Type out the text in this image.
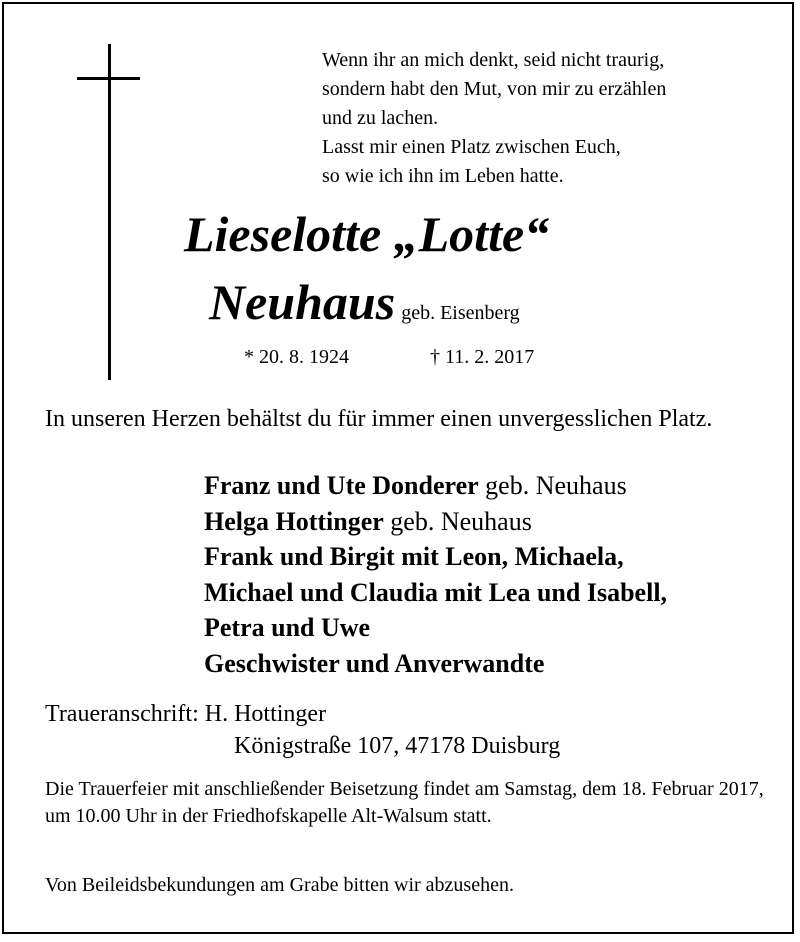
Wenn ihr an mich denkt, seid nicht traurig,
sondern habt den Mut, von mir zu erzählen
und zu lachen.
Lasst mir einen Platz zwischen Euch,
so wie ich ihn im Leben hatte.
Lieselotte „Lotte“
Neuhaus geb. Eisenberg
* 20. 8. 1924	† 11. 2. 2017
In unseren Herzen behältst du für immer einen unvergesslichen Platz.
Franz und Ute Donderer geb. Neuhaus
Helga Hottinger geb. Neuhaus
Frank und Birgit mit Leon, Michaela,
Michael und Claudia mit Lea und Isabell,
Petra und Uwe
Geschwister und Anverwandte
Traueranschrift: H. Hottinger
Königstraße 107, 47178 Duisburg
Die Trauerfeier mit anschließender Beisetzung findet am Samstag, dem 18. Februar 2017, um 10.00 Uhr in der Friedhofskapelle Alt-Walsum statt.
Von Beileidsbekundungen am Grabe bitten wir abzusehen.
